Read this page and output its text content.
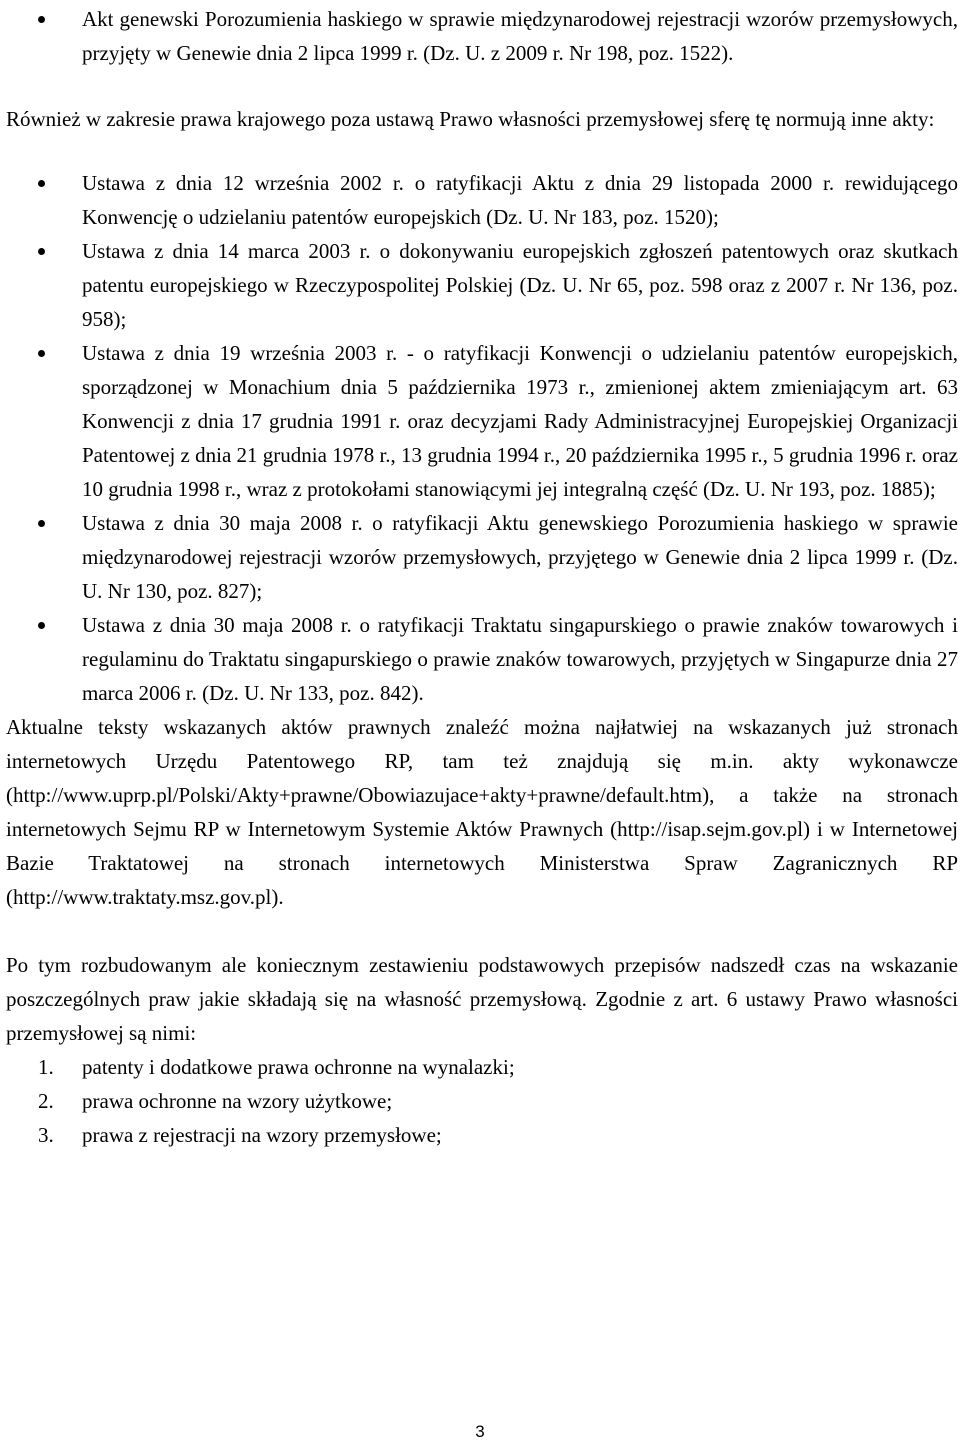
Akt genewski Porozumienia haskiego w sprawie międzynarodowej rejestracji wzorów przemysłowych, przyjęty w Genewie dnia 2 lipca 1999 r. (Dz. U. z 2009 r. Nr 198, poz. 1522).

Również w zakresie prawa krajowego poza ustawą Prawo własności przemysłowej sferę tę normują inne akty:

Ustawa z dnia 12 września 2002 r. o ratyfikacji Aktu z dnia 29 listopada 2000 r. rewidującego Konwencję o udzielaniu patentów europejskich (Dz. U. Nr 183, poz. 1520);
Ustawa z dnia 14 marca 2003 r. o dokonywaniu europejskich zgłoszeń patentowych oraz skutkach patentu europejskiego w Rzeczypospolitej Polskiej (Dz. U. Nr 65, poz. 598 oraz z 2007 r. Nr 136, poz. 958);
Ustawa z dnia 19 września 2003 r. - o ratyfikacji Konwencji o udzielaniu patentów europejskich, sporządzonej w Monachium dnia 5 października 1973 r., zmienionej aktem zmieniającym art. 63 Konwencji z dnia 17 grudnia 1991 r. oraz decyzjami Rady Administracyjnej Europejskiej Organizacji Patentowej z dnia 21 grudnia 1978 r., 13 grudnia 1994 r., 20 października 1995 r., 5 grudnia 1996 r. oraz 10 grudnia 1998 r., wraz z protokołami stanowiącymi jej integralną część (Dz. U. Nr 193, poz. 1885);
Ustawa z dnia 30 maja 2008 r. o ratyfikacji Aktu genewskiego Porozumienia haskiego w sprawie międzynarodowej rejestracji wzorów przemysłowych, przyjętego w Genewie dnia 2 lipca 1999 r. (Dz. U. Nr 130, poz. 827);
Ustawa z dnia 30 maja 2008 r. o ratyfikacji Traktatu singapurskiego o prawie znaków towarowych i regulaminu do Traktatu singapurskiego o prawie znaków towarowych, przyjętych w Singapurze dnia 27 marca 2006 r. (Dz. U. Nr 133, poz. 842).

Aktualne teksty wskazanych aktów prawnych znaleźć można najłatwiej na wskazanych już stronach internetowych Urzędu Patentowego RP, tam też znajdują się m.in. akty wykonawcze (http://www.uprp.pl/Polski/Akty+prawne/Obowiazujace+akty+prawne/default.htm), a także na stronach internetowych Sejmu RP w Internetowym Systemie Aktów Prawnych (http://isap.sejm.gov.pl) i w Internetowej Bazie Traktatowej na stronach internetowych Ministerstwa Spraw Zagranicznych RP (http://www.traktaty.msz.gov.pl).

Po tym rozbudowanym ale koniecznym zestawieniu podstawowych przepisów nadszedł czas na wskazanie poszczególnych praw jakie składają się na własność przemysłową. Zgodnie z art. 6 ustawy Prawo własności przemysłowej są nimi:

1. patenty i dodatkowe prawa ochronne na wynalazki;
2. prawa ochronne na wzory użytkowe;
3. prawa z rejestracji na wzory przemysłowe;
3
